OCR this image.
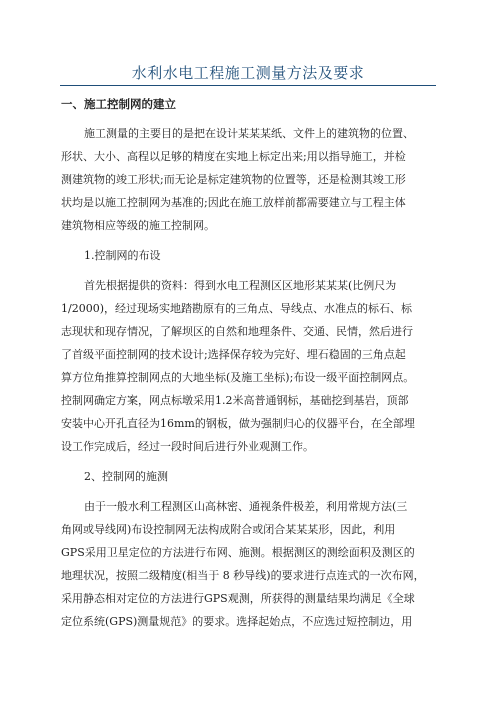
水利水电工程施工测量方法及要求
一、施工控制网的建立
施工测量的主要目的是把在设计某某某纸、文件上的建筑物的位置、
形状、大小、高程以足够的精度在实地上标定出来;用以指导施工，并检
测建筑物的竣工形状;而无论是标定建筑物的位置等，还是检测其竣工形
状均是以施工控制网为基准的;因此在施工放样前都需要建立与工程主体
建筑物相应等级的施工控制网。
1.控制网的布设
首先根据提供的资料：得到水电工程测区区地形某某某(比例尺为
1/2000)，经过现场实地踏勘原有的三角点、导线点、水准点的标石、标
志现状和现存情况，了解坝区的自然和地理条件、交通、民情，然后进行
了首级平面控制网的技术设计;选择保存较为完好、埋石稳固的三角点起
算方位角推算控制网点的大地坐标(及施工坐标);布设一级平面控制网点。
控制网确定方案，网点标墩采用1.2米高普通钢标，基础挖到基岩，顶部
安装中心开孔直径为16mm的钢板，做为强制归心的仪器平台，在全部埋
设工作完成后，经过一段时间后进行外业观测工作。
2、控制网的施测
由于一般水利工程测区山高林密、通视条件极差，利用常规方法(三
角网或导线网)布设控制网无法构成附合或闭合某某某形，因此，利用
GPS采用卫星定位的方法进行布网、施测。根据测区的测绘面积及测区的
地理状况，按照二级精度(相当于 8 秒导线)的要求进行点连式的一次布网，
采用静态相对定位的方法进行GPS观测，所获得的测量结果均满足《全球
定位系统(GPS)测量规范》的要求。选择起始点，不应选过短控制边，用
